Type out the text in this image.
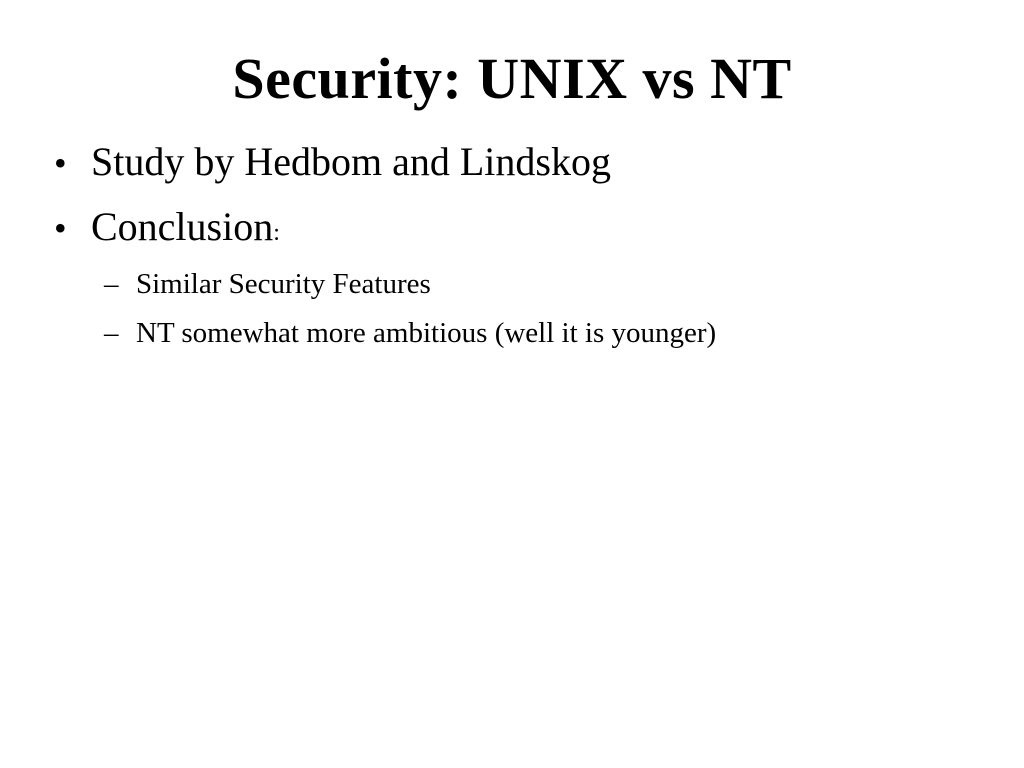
Security: UNIX vs NT
• Study by Hedbom and Lindskog
• Conclusion:
– Similar Security Features
– NT somewhat more ambitious (well it is younger)
